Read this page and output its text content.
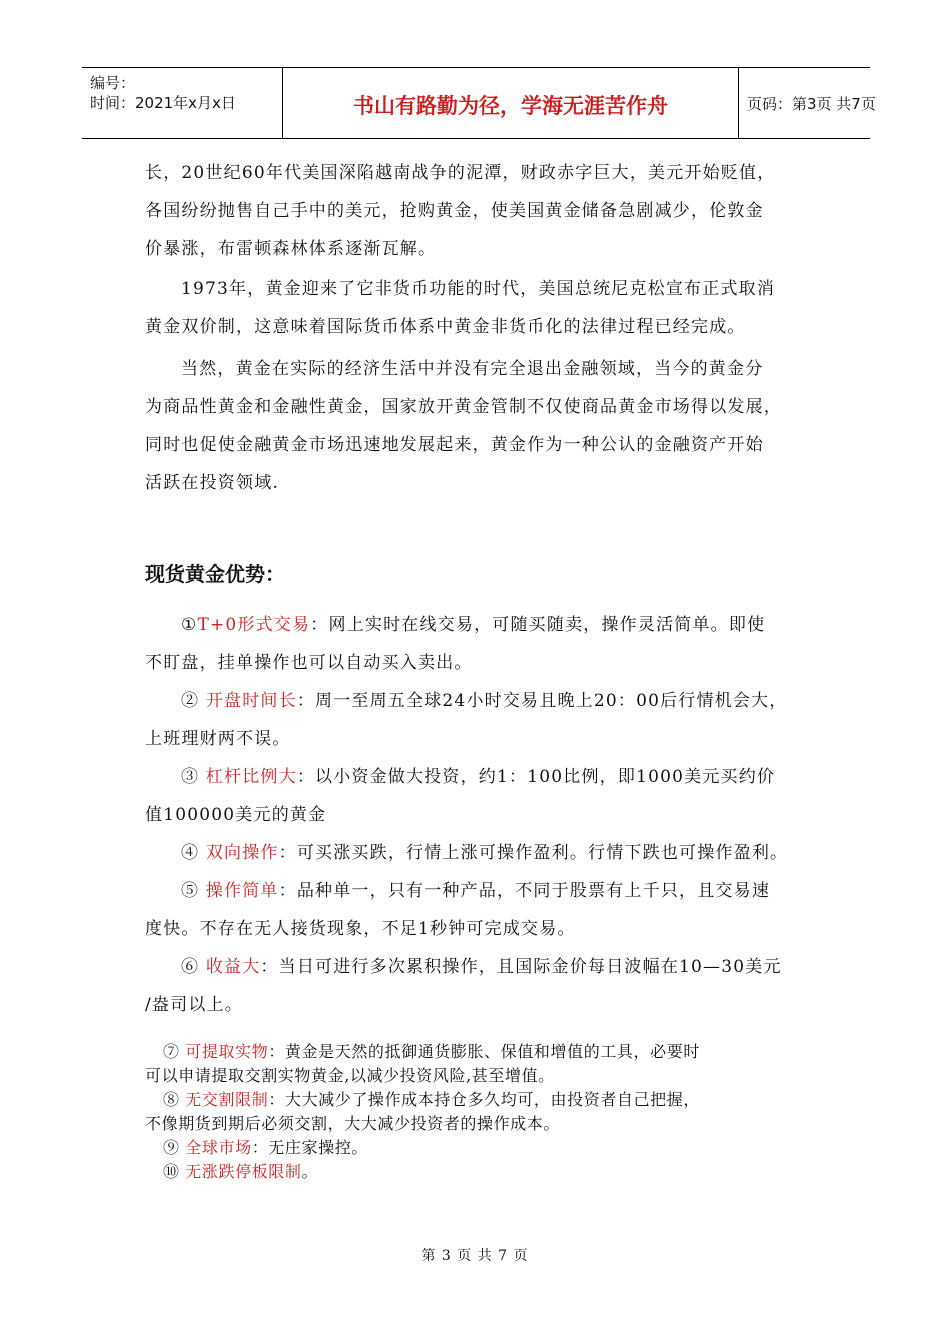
编号：
时间：2021年x月x日	书山有路勤为径，学海无涯苦作舟	页码：第3页 共7页
长，20世纪60年代美国深陷越南战争的泥潭，财政赤字巨大，美元开始贬值，
各国纷纷抛售自己手中的美元，抢购黄金，使美国黄金储备急剧减少，伦敦金
价暴涨，布雷顿森林体系逐渐瓦解。
1973年，黄金迎来了它非货币功能的时代，美国总统尼克松宣布正式取消
黄金双价制，这意味着国际货币体系中黄金非货币化的法律过程已经完成。
当然，黄金在实际的经济生活中并没有完全退出金融领域，当今的黄金分
为商品性黄金和金融性黄金，国家放开黄金管制不仅使商品黄金市场得以发展，
同时也促使金融黄金市场迅速地发展起来，黄金作为一种公认的金融资产开始
活跃在投资领域.
现货黄金优势：
①T+0形式交易：网上实时在线交易，可随买随卖，操作灵活简单。即使
不盯盘，挂单操作也可以自动买入卖出。
② 开盘时间长：周一至周五全球24小时交易且晚上20：00后行情机会大，
上班理财两不误。
③ 杠杆比例大：以小资金做大投资，约1：100比例，即1000美元买约价
值100000美元的黄金
④ 双向操作：可买涨买跌，行情上涨可操作盈利。行情下跌也可操作盈利。
⑤ 操作简单：品种单一，只有一种产品，不同于股票有上千只，且交易速
度快。不存在无人接货现象，不足1秒钟可完成交易。
⑥ 收益大：当日可进行多次累积操作，且国际金价每日波幅在10—30美元
/盎司以上。
⑦ 可提取实物：黄金是天然的抵御通货膨胀、保值和增值的工具，必要时
可以申请提取交割实物黄金,以减少投资风险,甚至增值。
⑧ 无交割限制：大大减少了操作成本持仓多久均可，由投资者自己把握，
不像期货到期后必须交割，大大减少投资者的操作成本。
⑨ 全球市场：无庄家操控。
⑩ 无涨跌停板限制。
第 3 页 共 7 页
